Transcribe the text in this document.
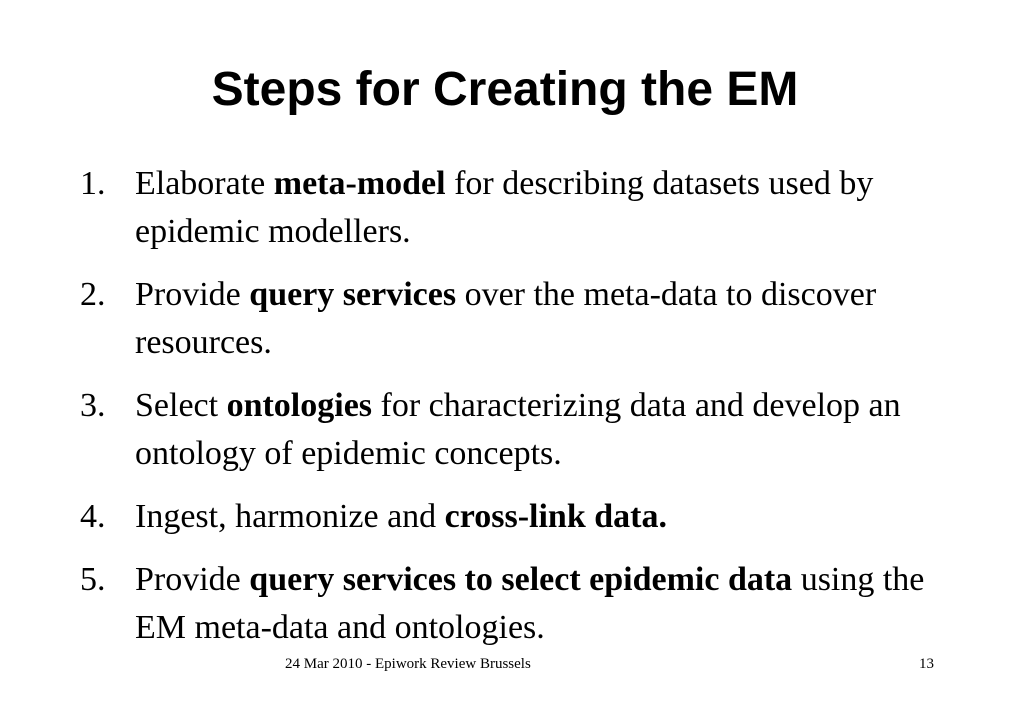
Steps for Creating the EM
1. Elaborate meta-model for describing datasets used by epidemic modellers.
2. Provide query services over the meta-data to discover resources.
3. Select ontologies for characterizing data and develop an ontology of epidemic concepts.
4. Ingest, harmonize and cross-link data.
5. Provide query services to select epidemic data using the EM meta-data and ontologies.
24 Mar 2010 - Epiwork Review Brussels	13
